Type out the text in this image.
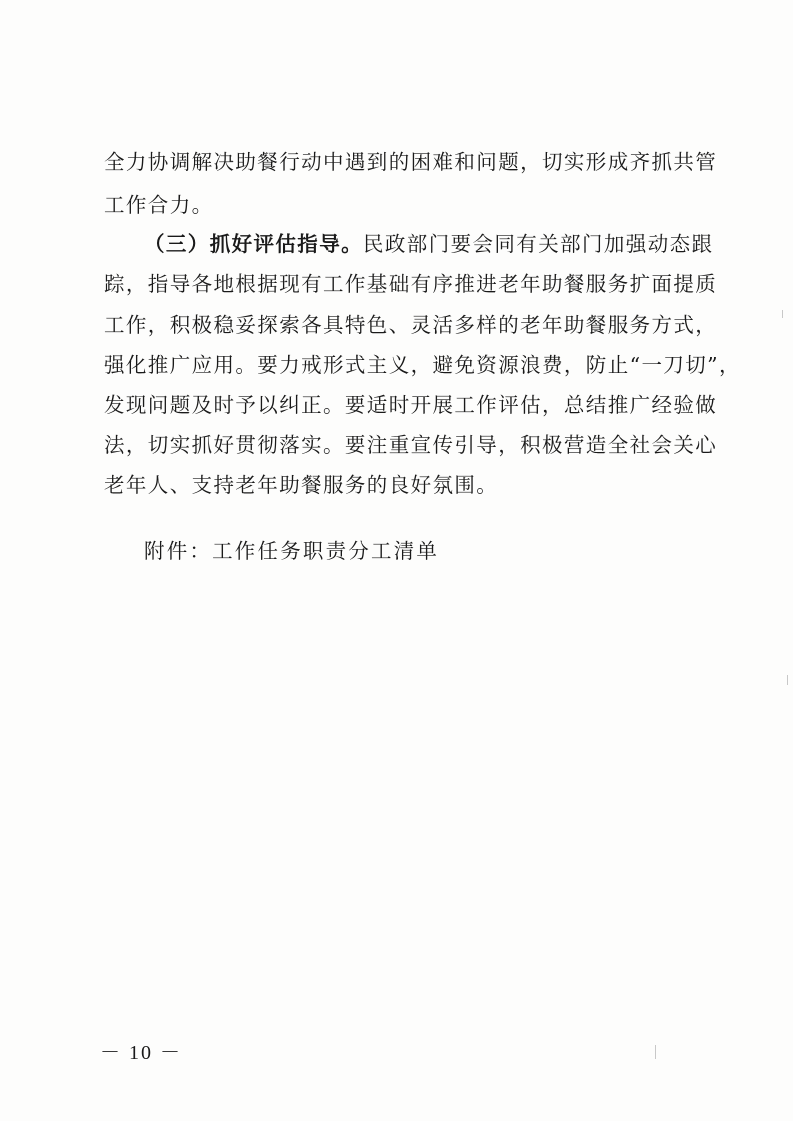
全力协调解决助餐行动中遇到的困难和问题，切实形成齐抓共管
工作合力。
（三）抓好评估指导。民政部门要会同有关部门加强动态跟
踪，指导各地根据现有工作基础有序推进老年助餐服务扩面提质
工作，积极稳妥探索各具特色、灵活多样的老年助餐服务方式，
强化推广应用。要力戒形式主义，避免资源浪费，防止“一刀切”，
发现问题及时予以纠正。要适时开展工作评估，总结推广经验做
法，切实抓好贯彻落实。要注重宣传引导，积极营造全社会关心
老年人、支持老年助餐服务的良好氛围。
附件：工作任务职责分工清单
－ 10 －
